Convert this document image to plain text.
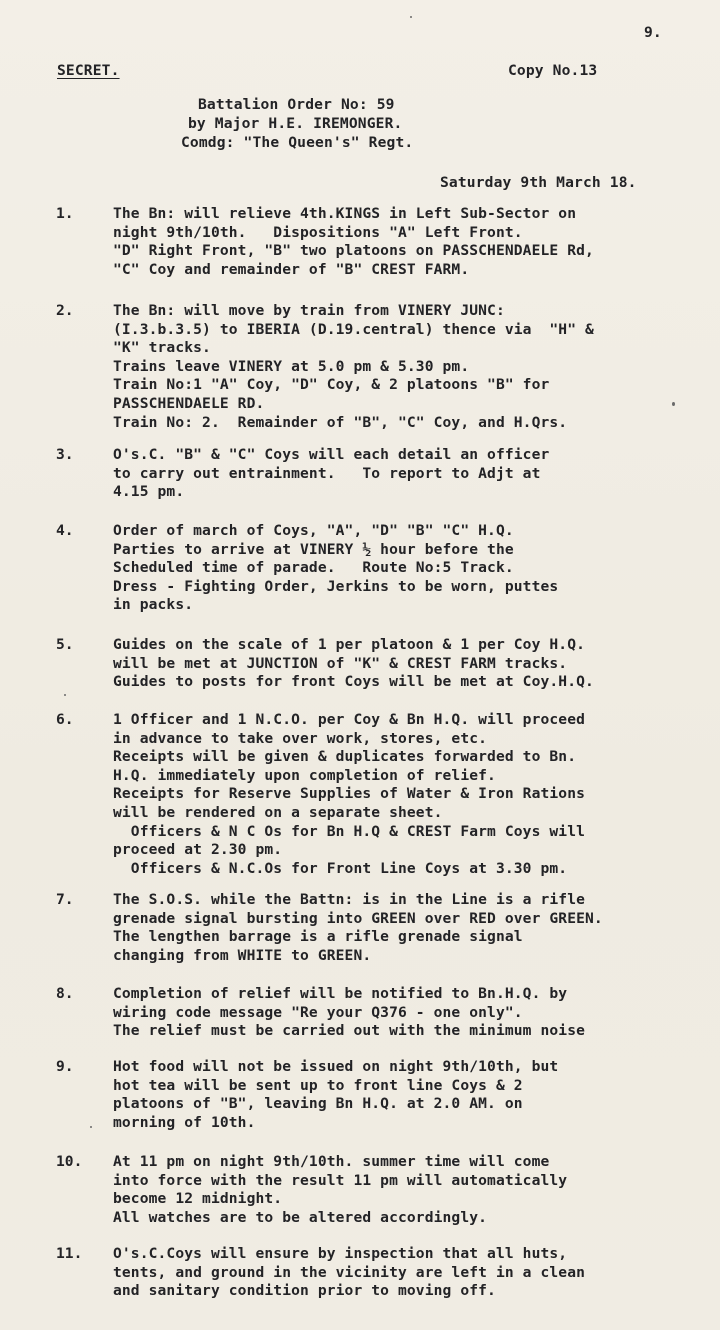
9.
SECRET.	Copy No.13
Battalion Order No: 59
by Major H.E. IREMONGER.
Comdg: "The Queen's" Regt.
Saturday 9th March 18.
1.	The Bn: will relieve 4th.KINGS in Left Sub-Sector on
night 9th/10th.   Dispositions "A" Left Front.
"D" Right Front, "B" two platoons on PASSCHENDAELE Rd,
"C" Coy and remainder of "B" CREST FARM.
2.	The Bn: will move by train from VINERY JUNC:
(I.3.b.3.5) to IBERIA (D.19.central) thence via  "H" &
"K" tracks.
Trains leave VINERY at 5.0 pm & 5.30 pm.
Train No:1 "A" Coy, "D" Coy, & 2 platoons "B" for
PASSCHENDAELE RD.
Train No: 2.  Remainder of "B", "C" Coy, and H.Qrs.
3.	O's.C. "B" & "C" Coys will each detail an officer
to carry out entrainment.   To report to Adjt at
4.15 pm.
4.	Order of march of Coys, "A", "D" "B" "C" H.Q.
Parties to arrive at VINERY ½ hour before the
Scheduled time of parade.   Route No:5 Track.
Dress - Fighting Order, Jerkins to be worn, puttes
in packs.
5.	Guides on the scale of 1 per platoon & 1 per Coy H.Q.
will be met at JUNCTION of "K" & CREST FARM tracks.
Guides to posts for front Coys will be met at Coy.H.Q.
6.	1 Officer and 1 N.C.O. per Coy & Bn H.Q. will proceed
in advance to take over work, stores, etc.
Receipts will be given & duplicates forwarded to Bn.
H.Q. immediately upon completion of relief.
Receipts for Reserve Supplies of Water & Iron Rations
will be rendered on a separate sheet.
Officers & N C Os for Bn H.Q & CREST Farm Coys will
proceed at 2.30 pm.
Officers & N.C.Os for Front Line Coys at 3.30 pm.
7.	The S.O.S. while the Battn: is in the Line is a rifle
grenade signal bursting into GREEN over RED over GREEN.
The lengthen barrage is a rifle grenade signal
changing from WHITE to GREEN.
8.	Completion of relief will be notified to Bn.H.Q. by
wiring code message "Re your Q376 - one only".
The relief must be carried out with the minimum noise
9.	Hot food will not be issued on night 9th/10th, but
hot tea will be sent up to front line Coys & 2
platoons of "B", leaving Bn H.Q. at 2.0 AM. on
morning of 10th.
10. At 11 pm on night 9th/10th. summer time will come
into force with the result 11 pm will automatically
become 12 midnight.
All watches are to be altered accordingly.
11. O's.C.Coys will ensure by inspection that all huts,
tents, and ground in the vicinity are left in a clean
and sanitary condition prior to moving off.
